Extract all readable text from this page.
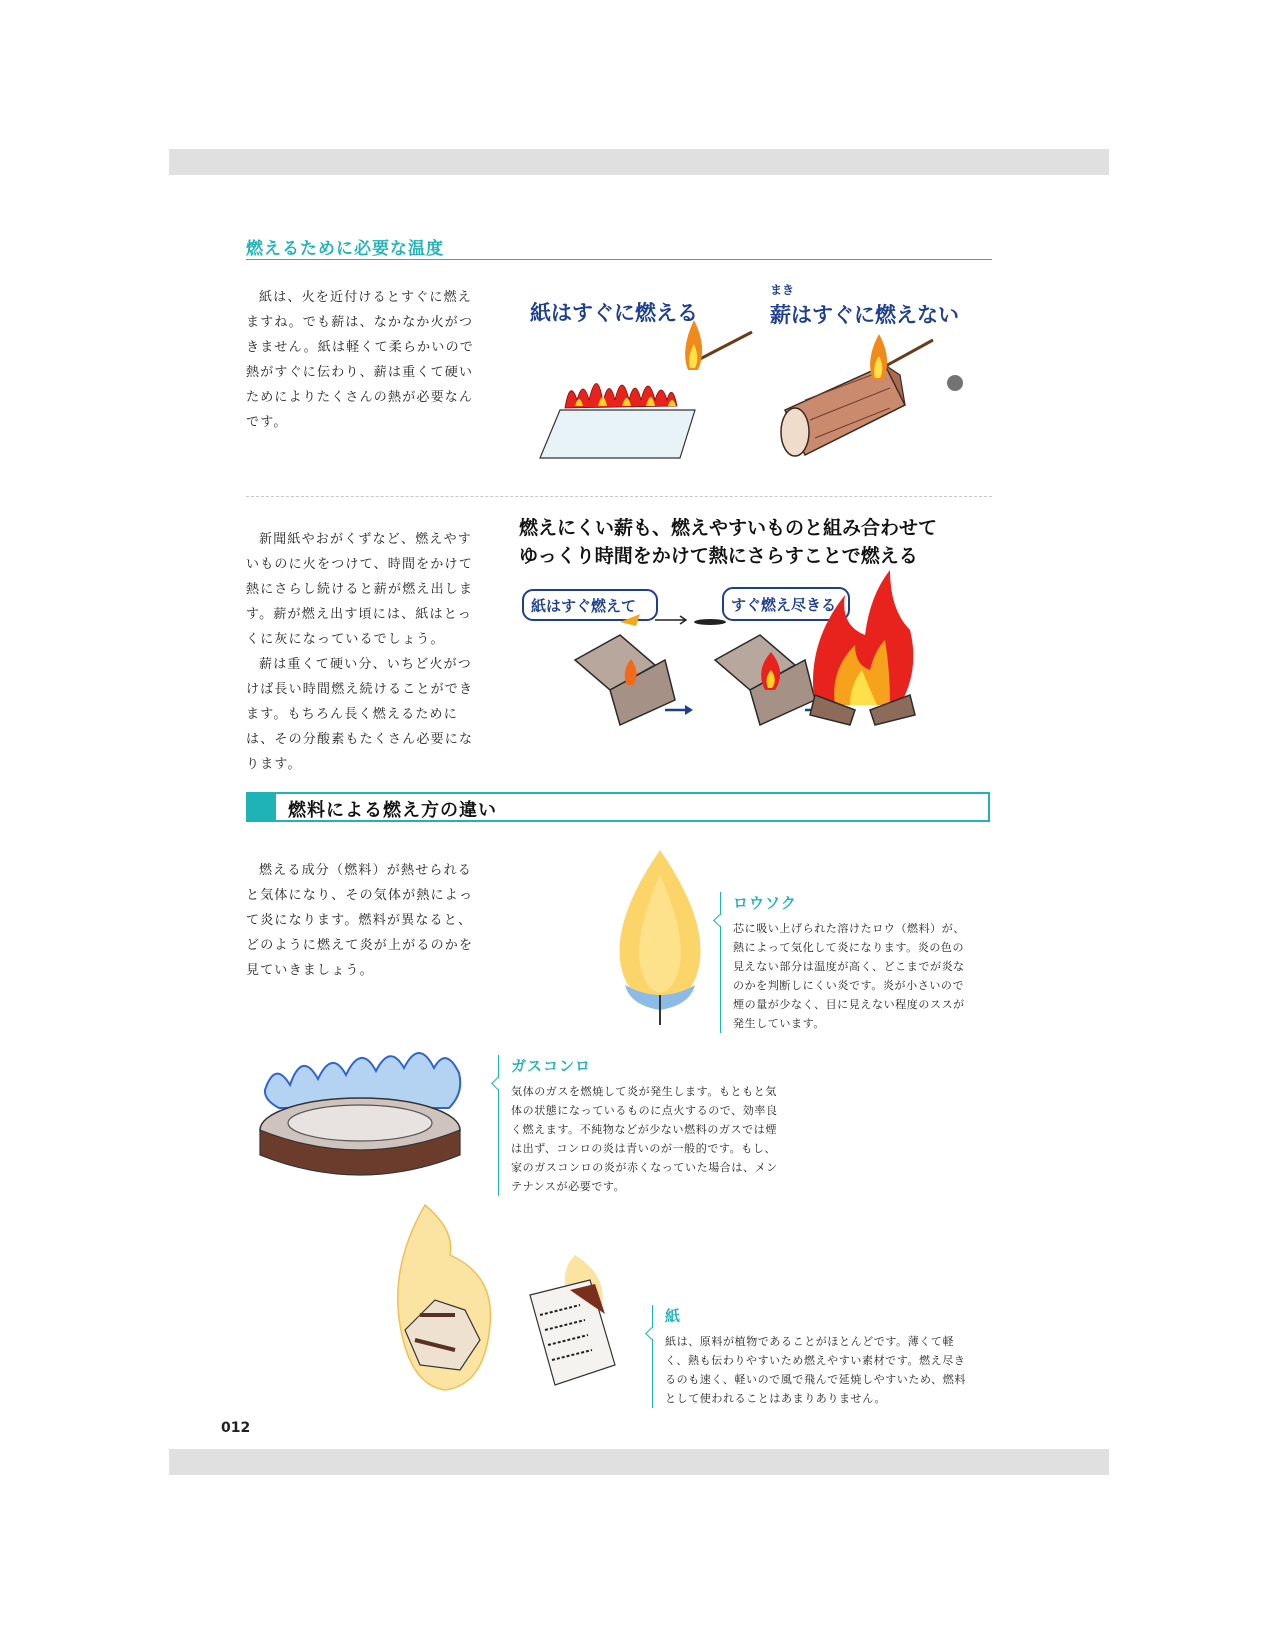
燃えるために必要な温度

紙は、火を近付けるとすぐに燃えますね。でも薪は、なかなか火がつきません。紙は軽くて柔らかいので熱がすぐに伝わり、薪は重くて硬いためによりたくさんの熱が必要なんです。

紙はすぐに燃える
まき
薪はすぐに燃えない

新聞紙やおがくずなど、燃えやすいものに火をつけて、時間をかけて熱にさらし続けると薪が燃え出します。薪が燃え出す頃には、紙はとっくに灰になっているでしょう。

薪は重くて硬い分、いちど火がつけば長い時間燃え続けることができます。もちろん長く燃えるためには、その分酸素もたくさん必要になります。

燃えにくい薪も、燃えやすいものと組み合わせて
ゆっくり時間をかけて熱にさらすことで燃える
紙はすぐ燃えて	すぐ燃え尽きる
燃料による燃え方の違い

燃える成分（燃料）が熱せられると気体になり、その気体が熱によって炎になります。燃料が異なると、どのように燃えて炎が上がるのかを見ていきましょう。

ロウソク
芯に吸い上げられた溶けたロウ（燃料）が、熱によって気化して炎になります。炎の色の見えない部分は温度が高く、どこまでが炎なのかを判断しにくい炎です。炎が小さいので煙の量が少なく、目に見えない程度のススが発生しています。
ガスコンロ
気体のガスを燃焼して炎が発生します。もともと気体の状態になっているものに点火するので、効率良く燃えます。不純物などが少ない燃料のガスでは煙は出ず、コンロの炎は青いのが一般的です。もし、家のガスコンロの炎が赤くなっていた場合は、メンテナンスが必要です。
紙
紙は、原料が植物であることがほとんどです。薄くて軽く、熱も伝わりやすいため燃えやすい素材です。燃え尽きるのも速く、軽いので風で飛んで延焼しやすいため、燃料として使われることはあまりありません。
012
